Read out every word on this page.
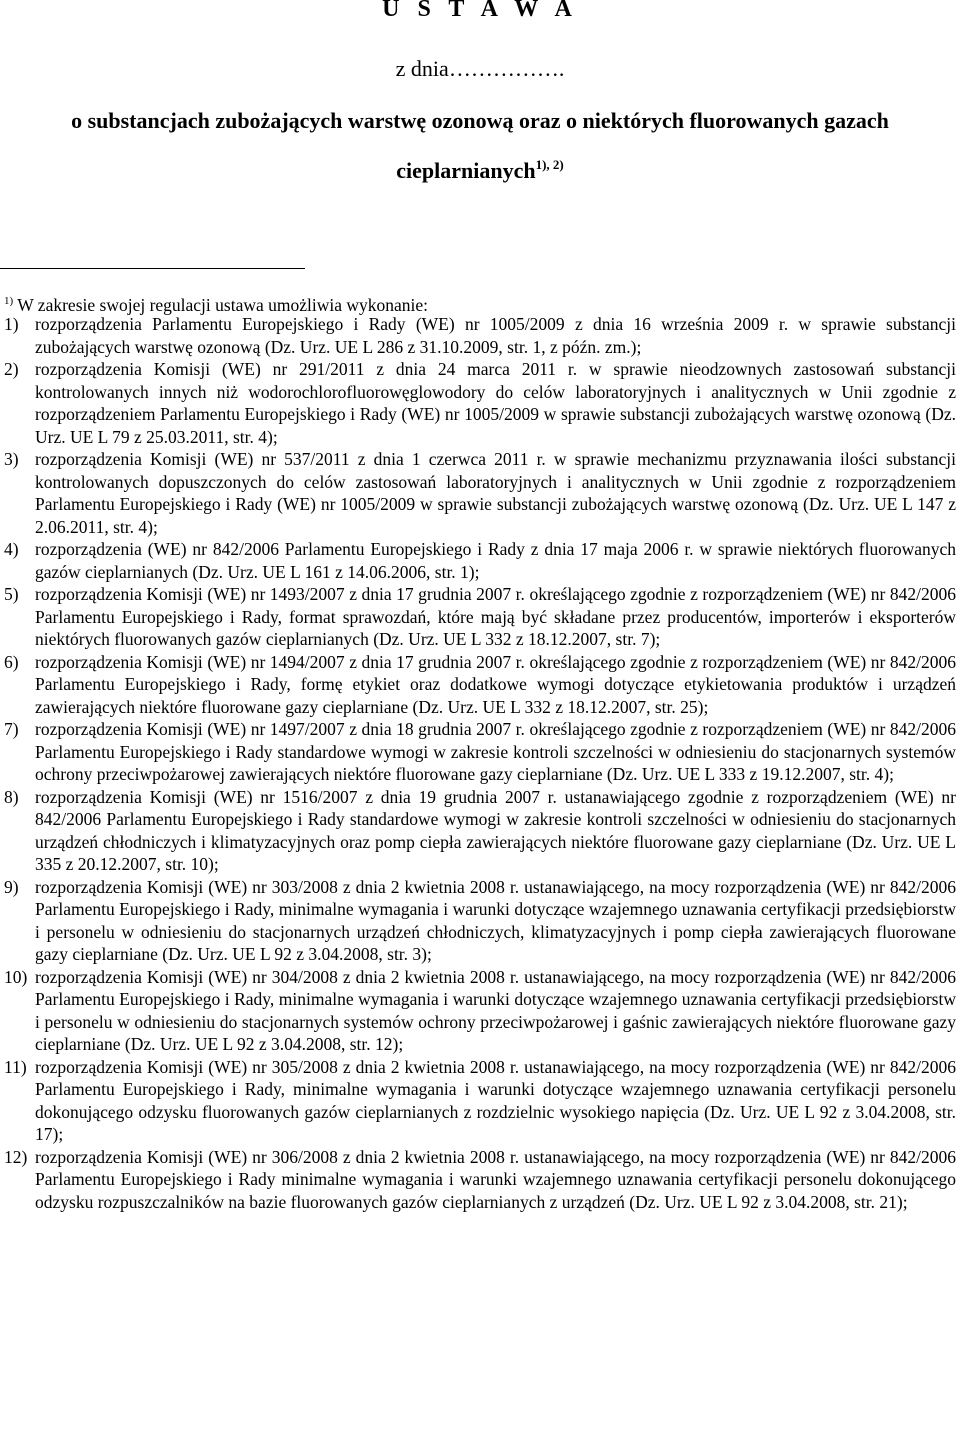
U S T A W A
z dnia…………….
o substancjach zubożających warstwę ozonową oraz o niektórych fluorowanych gazach
cieplarnianych$^{1), 2)}$
$^{1)}$ W zakresie swojej regulacji ustawa umożliwia wykonanie:
1) rozporządzenia Parlamentu Europejskiego i Rady (WE) nr 1005/2009 z dnia 16 września 2009 r. w sprawie substancji zubożających warstwę ozonową (Dz. Urz. UE L 286 z 31.10.2009, str. 1, z późn. zm.);
2) rozporządzenia Komisji (WE) nr 291/2011 z dnia 24 marca 2011 r. w sprawie nieodzownych zastosowań substancji kontrolowanych innych niż wodorochlorofluorowęglowodory do celów laboratoryjnych i analitycznych w Unii zgodnie z rozporządzeniem Parlamentu Europejskiego i Rady (WE) nr 1005/2009 w sprawie substancji zubożających warstwę ozonową (Dz. Urz. UE L 79 z 25.03.2011, str. 4);
3) rozporządzenia Komisji (WE) nr 537/2011 z dnia 1 czerwca 2011 r. w sprawie mechanizmu przyznawania ilości substancji kontrolowanych dopuszczonych do celów zastosowań laboratoryjnych i analitycznych w Unii zgodnie z rozporządzeniem Parlamentu Europejskiego i Rady (WE) nr 1005/2009 w sprawie substancji zubożających warstwę ozonową (Dz. Urz. UE L 147 z 2.06.2011, str. 4);
4) rozporządzenia (WE) nr 842/2006 Parlamentu Europejskiego i Rady z dnia 17 maja 2006 r. w sprawie niektórych fluorowanych gazów cieplarnianych (Dz. Urz. UE L 161 z 14.06.2006, str. 1);
5) rozporządzenia Komisji (WE) nr 1493/2007 z dnia 17 grudnia 2007 r. określającego zgodnie z rozporządzeniem (WE) nr 842/2006 Parlamentu Europejskiego i Rady, format sprawozdań, które mają być składane przez producentów, importerów i eksporterów niektórych fluorowanych gazów cieplarnianych (Dz. Urz. UE L 332 z 18.12.2007, str. 7);
6) rozporządzenia Komisji (WE) nr 1494/2007 z dnia 17 grudnia 2007 r. określającego zgodnie z rozporządzeniem (WE) nr 842/2006 Parlamentu Europejskiego i Rady, formę etykiet oraz dodatkowe wymogi dotyczące etykietowania produktów i urządzeń zawierających niektóre fluorowane gazy cieplarniane (Dz. Urz. UE L 332 z 18.12.2007, str. 25);
7) rozporządzenia Komisji (WE) nr 1497/2007 z dnia 18 grudnia 2007 r. określającego zgodnie z rozporządzeniem (WE) nr 842/2006 Parlamentu Europejskiego i Rady standardowe wymogi w zakresie kontroli szczelności w odniesieniu do stacjonarnych systemów ochrony przeciwpożarowej zawierających niektóre fluorowane gazy cieplarniane (Dz. Urz. UE L 333 z 19.12.2007, str. 4);
8) rozporządzenia Komisji (WE) nr 1516/2007 z dnia 19 grudnia 2007 r. ustanawiającego zgodnie z rozporządzeniem (WE) nr 842/2006 Parlamentu Europejskiego i Rady standardowe wymogi w zakresie kontroli szczelności w odniesieniu do stacjonarnych urządzeń chłodniczych i klimatyzacyjnych oraz pomp ciepła zawierających niektóre fluorowane gazy cieplarniane (Dz. Urz. UE L 335 z 20.12.2007, str. 10);
9) rozporządzenia Komisji (WE) nr 303/2008 z dnia 2 kwietnia 2008 r. ustanawiającego, na mocy rozporządzenia (WE) nr 842/2006 Parlamentu Europejskiego i Rady, minimalne wymagania i warunki dotyczące wzajemnego uznawania certyfikacji przedsiębiorstw i personelu w odniesieniu do stacjonarnych urządzeń chłodniczych, klimatyzacyjnych i pomp ciepła zawierających fluorowane gazy cieplarniane (Dz. Urz. UE L 92 z 3.04.2008, str. 3);
10) rozporządzenia Komisji (WE) nr 304/2008 z dnia 2 kwietnia 2008 r. ustanawiającego, na mocy rozporządzenia (WE) nr 842/2006 Parlamentu Europejskiego i Rady, minimalne wymagania i warunki dotyczące wzajemnego uznawania certyfikacji przedsiębiorstw i personelu w odniesieniu do stacjonarnych systemów ochrony przeciwpożarowej i gaśnic zawierających niektóre fluorowane gazy cieplarniane (Dz. Urz. UE L 92 z 3.04.2008, str. 12);
11) rozporządzenia Komisji (WE) nr 305/2008 z dnia 2 kwietnia 2008 r. ustanawiającego, na mocy rozporządzenia (WE) nr 842/2006 Parlamentu Europejskiego i Rady, minimalne wymagania i warunki dotyczące wzajemnego uznawania certyfikacji personelu dokonującego odzysku fluorowanych gazów cieplarnianych z rozdzielnic wysokiego napięcia (Dz. Urz. UE L 92 z 3.04.2008, str. 17);
12) rozporządzenia Komisji (WE) nr 306/2008 z dnia 2 kwietnia 2008 r. ustanawiającego, na mocy rozporządzenia (WE) nr 842/2006 Parlamentu Europejskiego i Rady minimalne wymagania i warunki wzajemnego uznawania certyfikacji personelu dokonującego odzysku rozpuszczalników na bazie fluorowanych gazów cieplarnianych z urządzeń (Dz. Urz. UE L 92 z 3.04.2008, str. 21);
